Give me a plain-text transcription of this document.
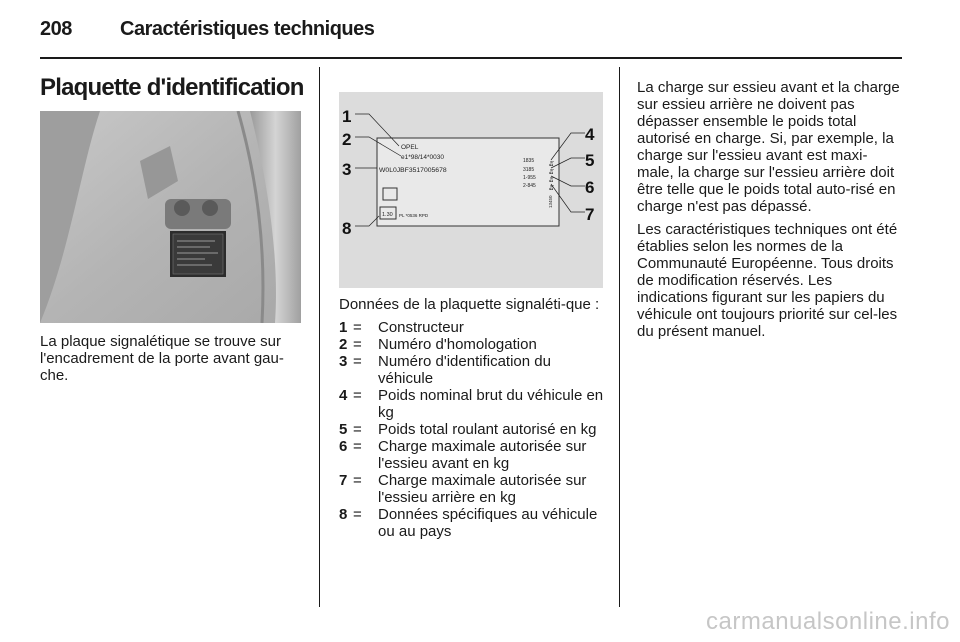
208 Caractéristiques techniques
Plaquette d'identification
La plaque signalétique se trouve sur l'encadrement de la porte avant gau-che.
OPEL
e1*98/14*0030
W0L0JBF3517005678
1835
3185
1-955
2-845
kg
kg
kg
kg
1.30 PL *0536 RPD
13450
1
2
3
8
4
5
6
7

Données de la plaquette signaléti-que :

1 =	Constructeur
2 =	Numéro d'homologation
3 =	Numéro d'identification du véhicule
4 =	Poids nominal brut du véhicule en kg
5 =	Poids total roulant autorisé en kg
6 =	Charge maximale autorisée sur l'essieu avant en kg
7 =	Charge maximale autorisée sur l'essieu arrière en kg
8 =	Données spécifiques au véhicule ou au pays

La charge sur essieu avant et la charge sur essieu arrière ne doivent pas dépasser ensemble le poids total autorisé en charge. Si, par exemple, la charge sur l'essieu avant est maxi-male, la charge sur l'essieu arrière doit être telle que le poids total auto-risé en charge n'est pas dépassé.

Les caractéristiques techniques ont été établies selon les normes de la Communauté Européenne. Tous droits de modification réservés. Les indications figurant sur les papiers du véhicule ont toujours priorité sur cel-les du présent manuel.

carmanualsonline.info
